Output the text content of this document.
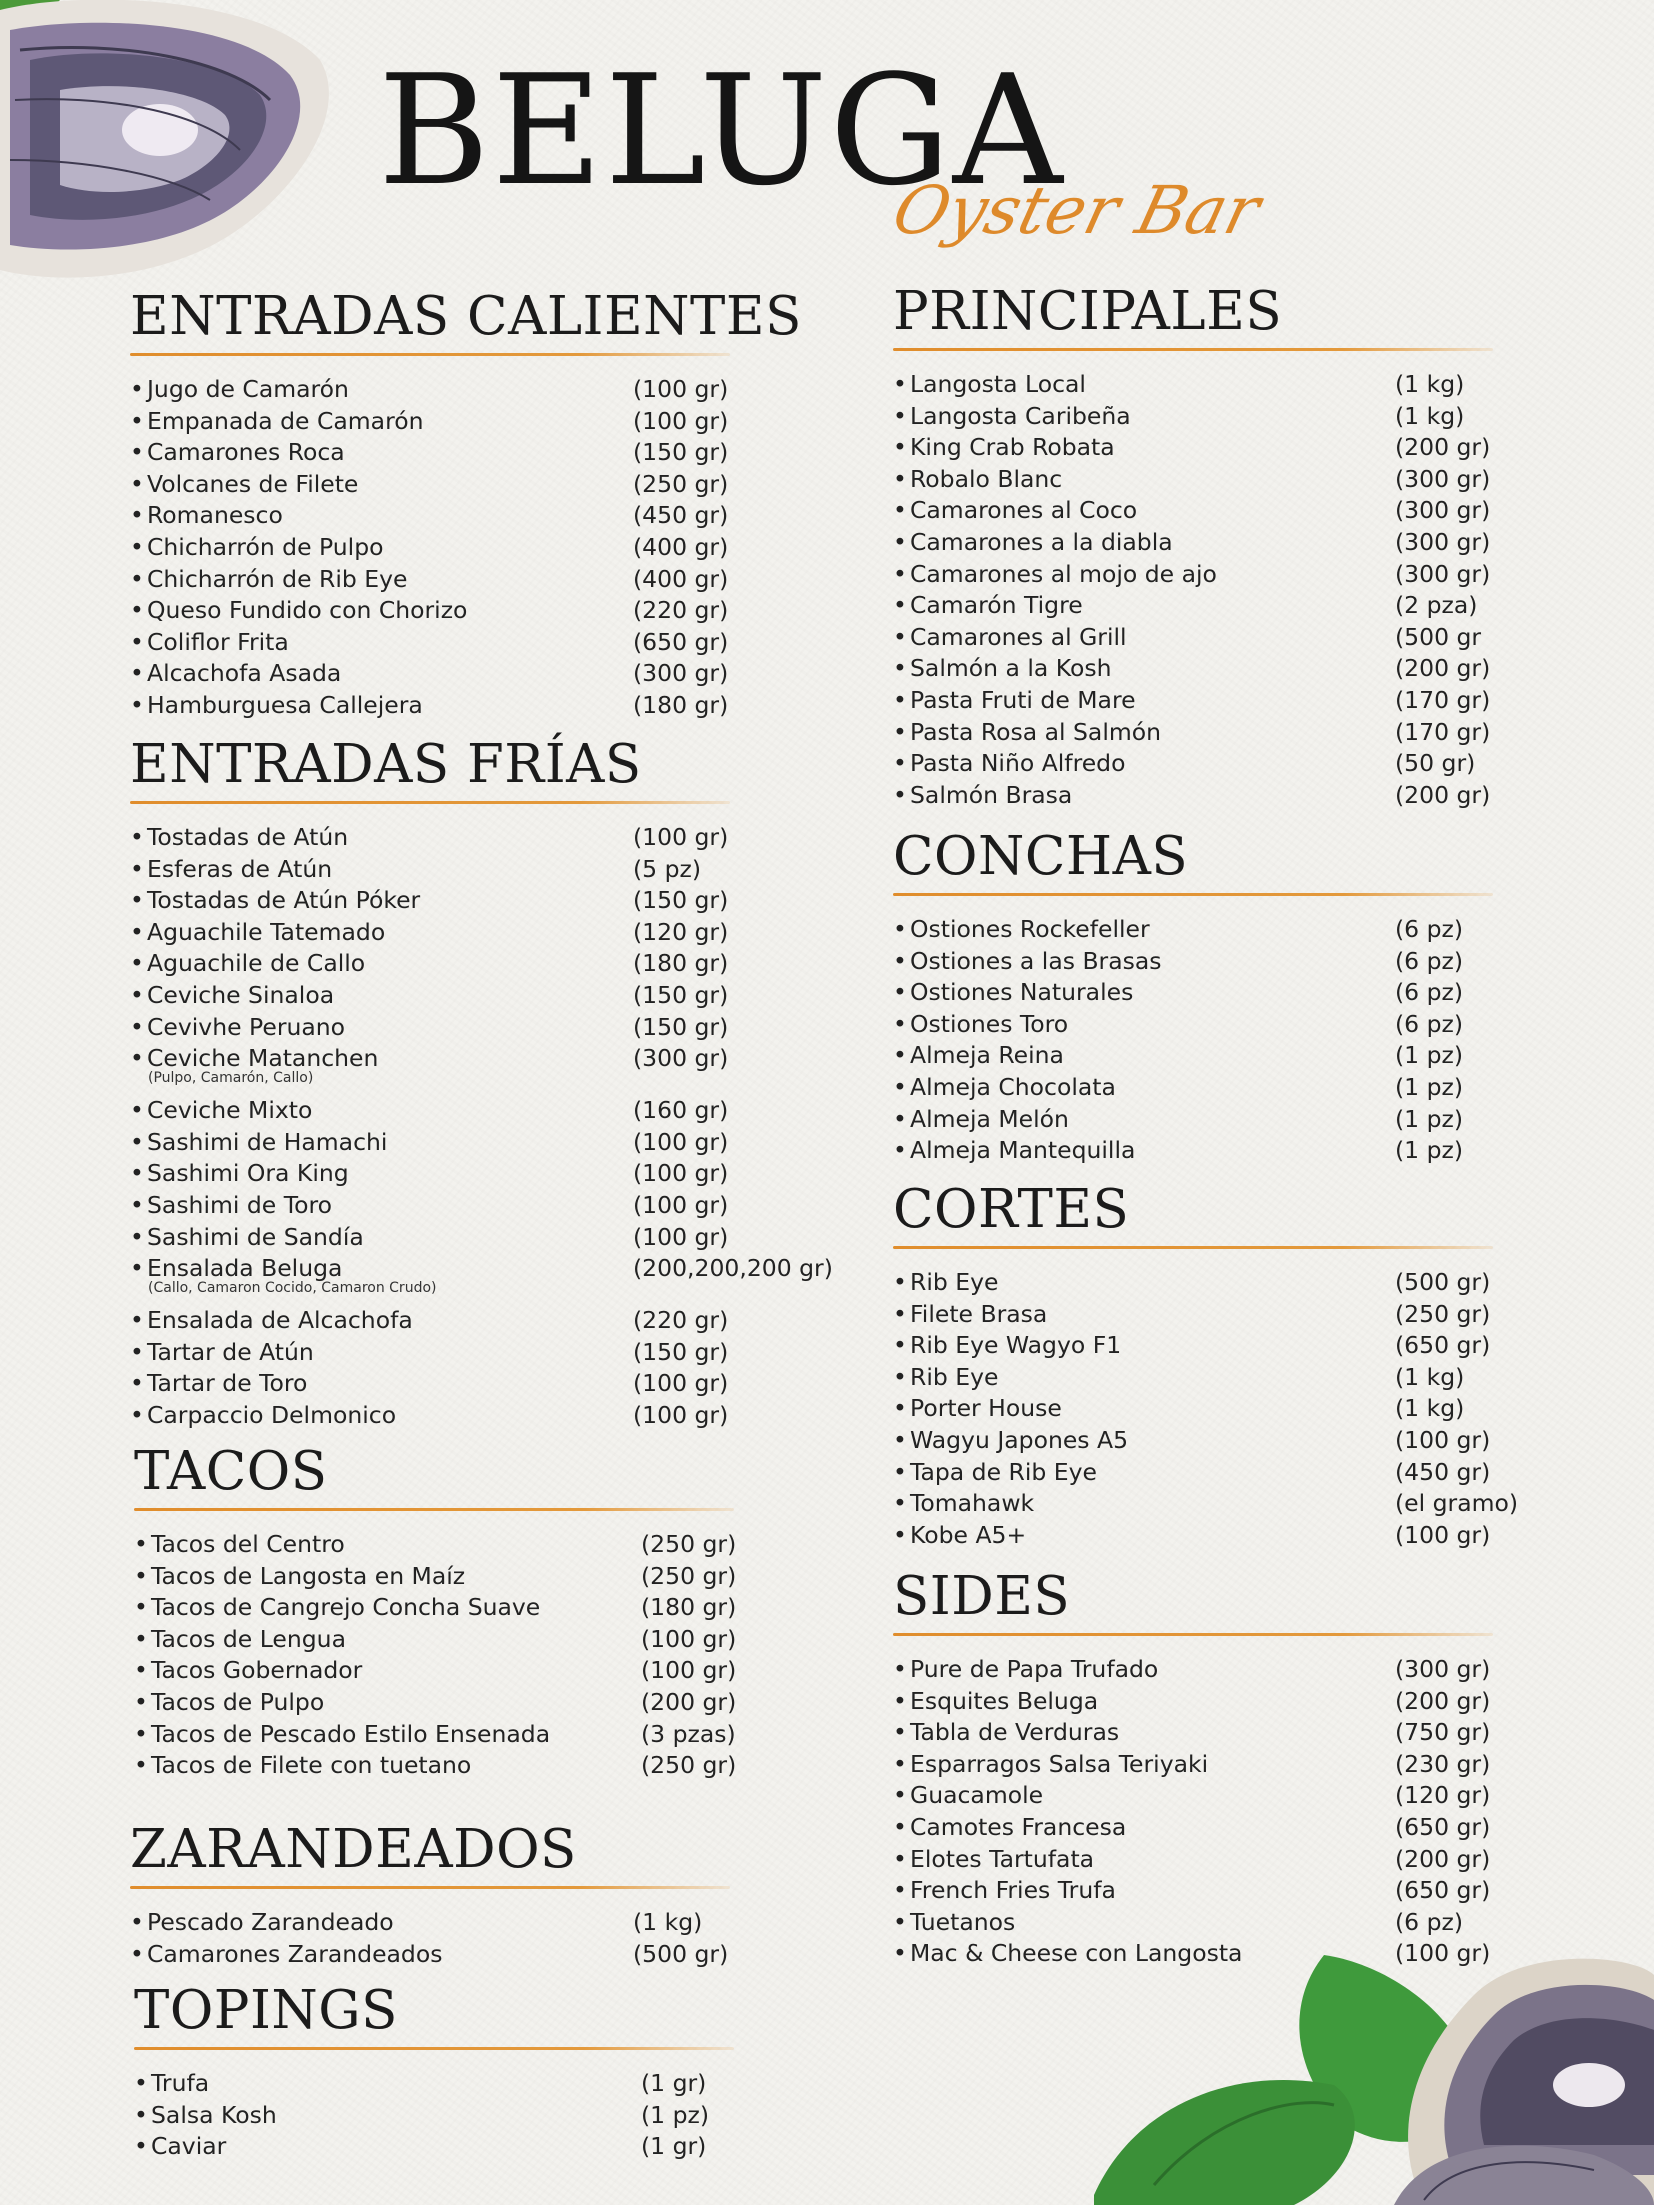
BELUGA
Oyster Bar
ENTRADAS CALIENTES
• Jugo de Camarón	(100 gr)
•Empanada de Camarón	(100 gr)
• Camarones Roca	(150 gr)
• Volcanes de Filete	(250 gr)
• Romanesco	(450 gr)
• Chicharrón de Pulpo	(400 gr)
• Chicharrón de Rib Eye	(400 gr)
• Queso Fundido con Chorizo	(220 gr)
• Coliflor Frita	(650 gr)
• Alcachofa Asada	(300 gr)
• Hamburguesa Callejera	(180 gr)
ENTRADAS FRÍAS
• Tostadas de Atún	(100 gr)
• Esferas de Atún	(5 pz)
• Tostadas de Atún Póker	(150 gr)
• Aguachile Tatemado	(120 gr)
• Aguachile de Callo	(180 gr)
• Ceviche Sinaloa	(150 gr)
• Cevivhe Peruano	(150 gr)
• Ceviche Matanchen	(300 gr)
(Pulpo, Camarón, Callo)
• Ceviche Mixto	(160 gr)
• Sashimi de Hamachi	(100 gr)
• Sashimi Ora King	(100 gr)
• Sashimi de Toro	(100 gr)
• Sashimi de Sandía	(100 gr)
• Ensalada Beluga	(200,200,200 gr)
(Callo, Camaron Cocido, Camaron Crudo)
• Ensalada de Alcachofa	(220 gr)
• Tartar de Atún	(150 gr)
• Tartar de Toro	(100 gr)
• Carpaccio Delmonico	(100 gr)
TACOS
• Tacos del Centro	(250 gr)
• Tacos de Langosta en Maíz	(250 gr)
• Tacos de Cangrejo Concha Suave	(180 gr)
• Tacos de Lengua	(100 gr)
• Tacos Gobernador	(100 gr)
• Tacos de Pulpo	(200 gr)
• Tacos de Pescado Estilo Ensenada	(3 pzas)
• Tacos de Filete con tuetano	(250 gr)
ZARANDEADOS
• Pescado Zarandeado	(1 kg)
• Camarones Zarandeados	(500 gr)
TOPINGS
• Trufa	(1 gr)
• Salsa Kosh	(1 pz)
• Caviar	(1 gr)
PRINCIPALES
• Langosta Local	(1 kg)
• Langosta Caribeña	(1 kg)
• King Crab Robata	(200 gr)
• Robalo Blanc	(300 gr)
• Camarones al Coco	(300 gr)
• Camarones a la diabla	(300 gr)
• Camarones al mojo de ajo	(300 gr)
• Camarón Tigre	(2 pza)
• Camarones al Grill	(500 gr
• Salmón a la Kosh	(200 gr)
• Pasta Fruti de Mare	(170 gr)
• Pasta Rosa al Salmón	(170 gr)
• Pasta Niño Alfredo	(50 gr)
• Salmón Brasa	(200 gr)
CONCHAS
• Ostiones Rockefeller	(6 pz)
• Ostiones a las Brasas	(6 pz)
• Ostiones Naturales	(6 pz)
• Ostiones Toro	(6 pz)
• Almeja Reina	(1 pz)
• Almeja Chocolata	(1 pz)
• Almeja Melón	(1 pz)
• Almeja Mantequilla	(1 pz)
CORTES
• Rib Eye	(500 gr)
• Filete Brasa	(250 gr)
• Rib Eye Wagyo F1	(650 gr)
• Rib Eye	(1 kg)
• Porter House	(1 kg)
• Wagyu Japones A5	(100 gr)
• Tapa de Rib Eye	(450 gr)
• Tomahawk	(el gramo)
• Kobe A5+	(100 gr)
SIDES
• Pure de Papa Trufado	(300 gr)
• Esquites Beluga	(200 gr)
• Tabla de Verduras	(750 gr)
• Esparragos Salsa Teriyaki	(230 gr)
• Guacamole	(120 gr)
• Camotes Francesa	(650 gr)
• Elotes Tartufata	(200 gr)
• French Fries Trufa	(650 gr)
• Tuetanos	(6 pz)
• Mac & Cheese con Langosta	(100 gr)
